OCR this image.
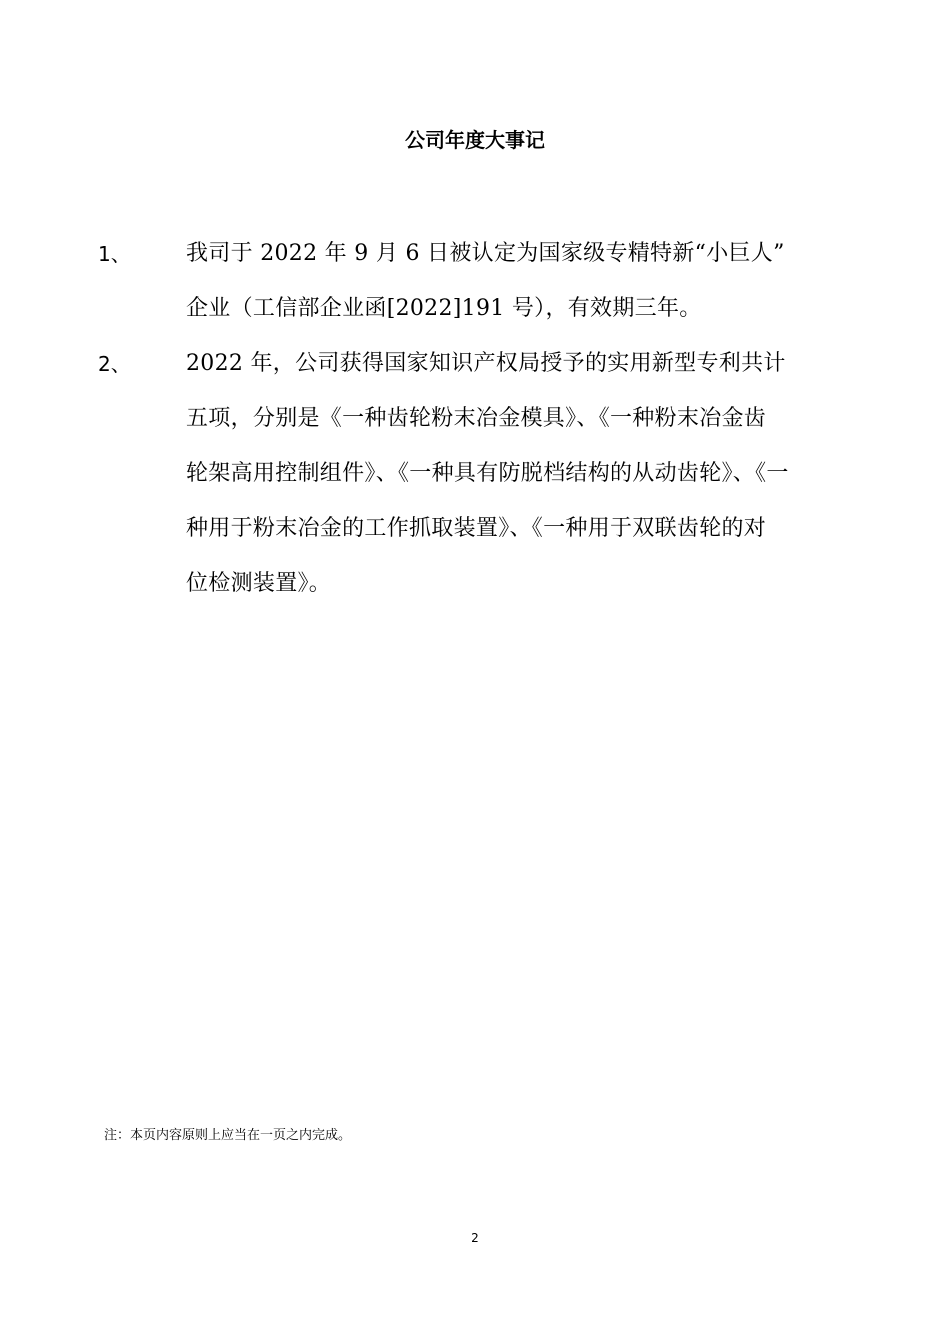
公司年度大事记
1、	我司于 2022 年 9 月 6 日被认定为国家级专精特新“小巨人”
企业（工信部企业函[2022]191 号），有效期三年。
2、	2022 年，公司获得国家知识产权局授予的实用新型专利共计
五项，分别是《一种齿轮粉末冶金模具》、《一种粉末冶金齿
轮架高用控制组件》、《一种具有防脱档结构的从动齿轮》、《一
种用于粉末冶金的工作抓取装置》、《一种用于双联齿轮的对
位检测装置》。
注：本页内容原则上应当在一页之内完成。
2
